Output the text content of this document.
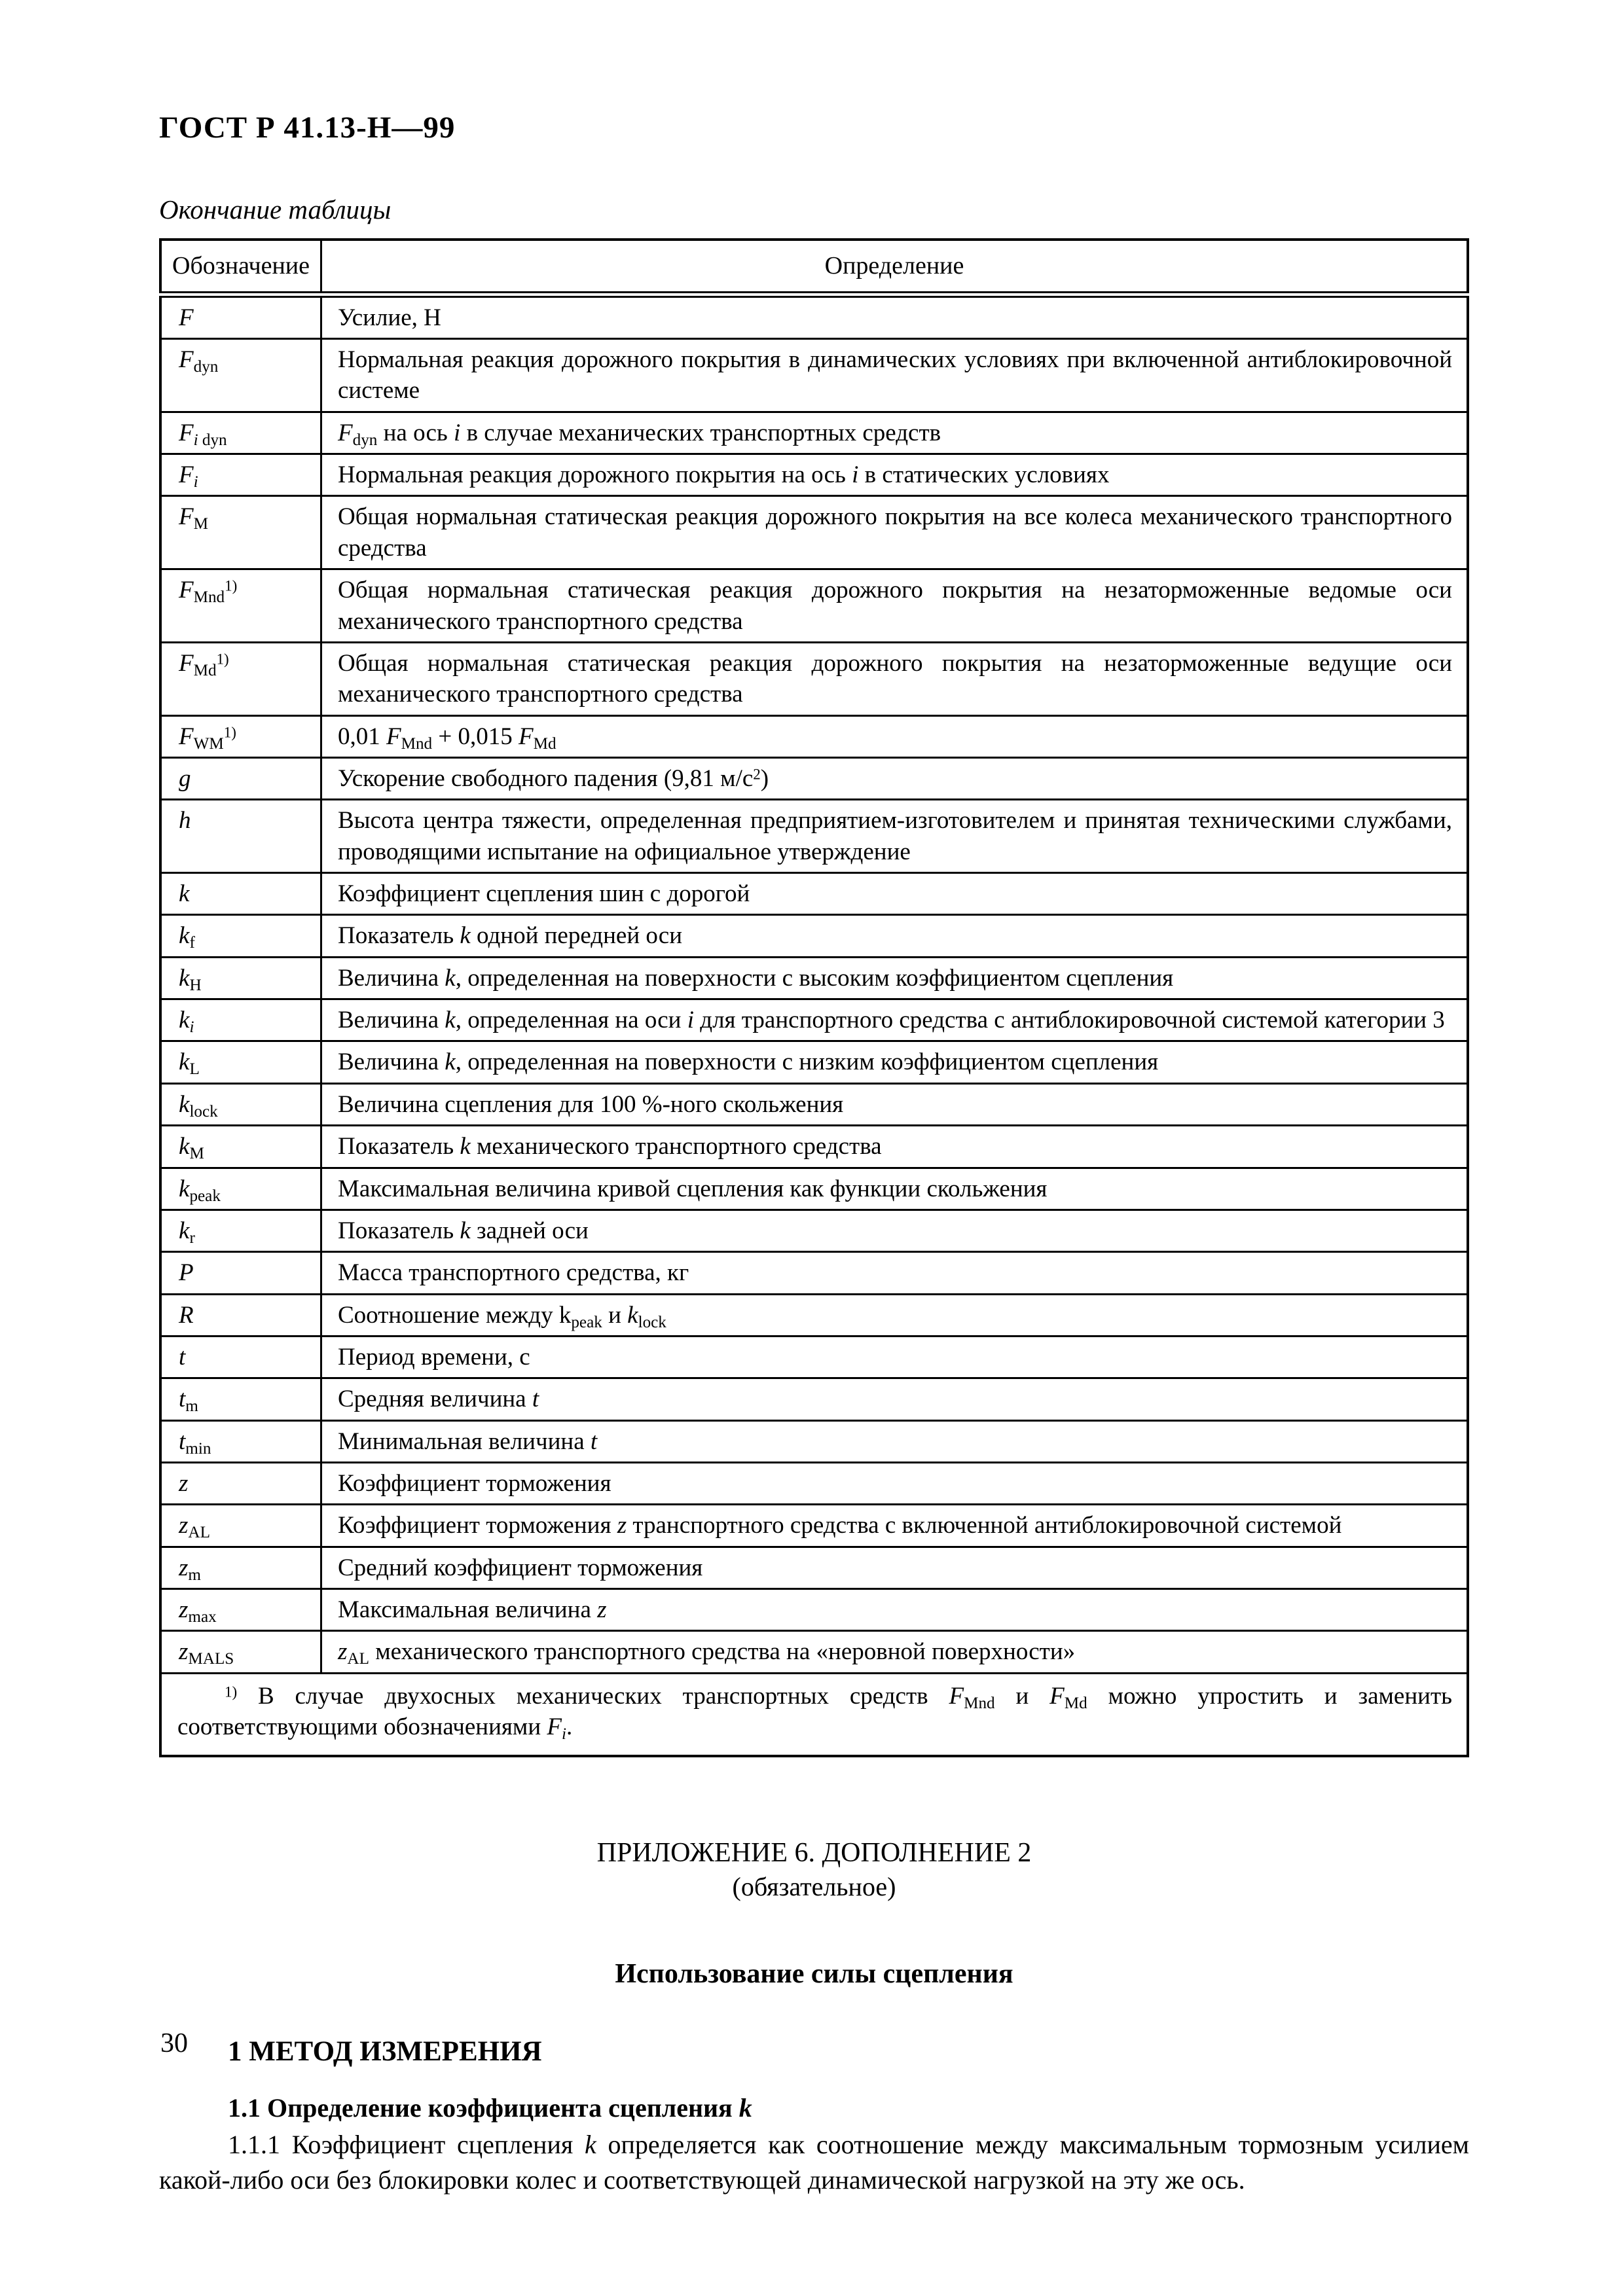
ГОСТ Р 41.13-Н—99
Окончание таблицы
Обозначение	Определение
F	Усилие, Н
$F_{dyn}$	Нормальная реакция дорожного покрытия в динамических условиях при включенной антиблокировочной системе
$F_i$ $_{dyn}$	$F_{dyn}$ на ось i в случае механических транспортных средств
$F_i$	Нормальная реакция дорожного покрытия на ось i в статических условиях
$F_M$	Общая нормальная статическая реакция дорожного покрытия на все колеса механического транспортного средства
$F_{Mnd}^{1)}$	Общая нормальная статическая реакция дорожного покрытия на незаторможенные ведомые оси механического транспортного средства
$F_{Md}^{1)}$	Общая нормальная статическая реакция дорожного покрытия на незаторможенные ведущие оси механического транспортного средства
$F_{WM}^{1)}$	0,01 $F_{Mnd} + 0,015$ $F_{Md}$
g	Ускорение свободного падения (9,81 $м/с^2$)
h	Высота центра тяжести, определенная предприятием-изготовителем и принятая техническими службами, проводящими испытание на официальное утверждение
k	Коэффициент сцепления шин с дорогой
$k_f$	Показатель k одной передней оси
$k_H$	Величина k, определенная на поверхности с высоким коэффициентом сцепления
$k_i$	Величина k, определенная на оси i для транспортного средства с антиблокировочной системой категории 3
$k_L$	Величина k, определенная на поверхности с низким коэффициентом сцепления
$k_{lock}$	Величина сцепления для 100 %-ного скольжения
$k_M$	Показатель k механического транспортного средства
$k_{peak}$	Максимальная величина кривой сцепления как функции скольжения
$k_r$	Показатель k задней оси
P	Масса транспортного средства, кг
R	Соотношение между $k_{peak}$ и $k_{lock}$
t	Период времени, с
$t_m$	Средняя величина t
$t_{min}$	Минимальная величина t
z	Коэффициент торможения
$z_{AL}$	Коэффициент торможения z транспортного средства с включенной антиблокировочной системой
$z_m$	Средний коэффициент торможения
$z_{max}$	Максимальная величина z
$z_{MALS}$	$z_{AL}$ механического транспортного средства на «неровной поверхности»

$^{1)}$ В случае двухосных механических транспортных средств $F_{Mnd}$ и $F_{Md}$ можно упростить и заменить соответствующими обозначениями $F_i$.	

ПРИЛОЖЕНИЕ 6. ДОПОЛНЕНИЕ 2
(обязательное)
Использование силы сцепления
1 МЕТОД ИЗМЕРЕНИЯ
1.1 Определение коэффициента сцепления k

1.1.1 Коэффициент сцепления k определяется как соотношение между максимальным тормозным усилием какой-либо оси без блокировки колес и соответствующей динамической нагрузкой на эту же ось.

30
